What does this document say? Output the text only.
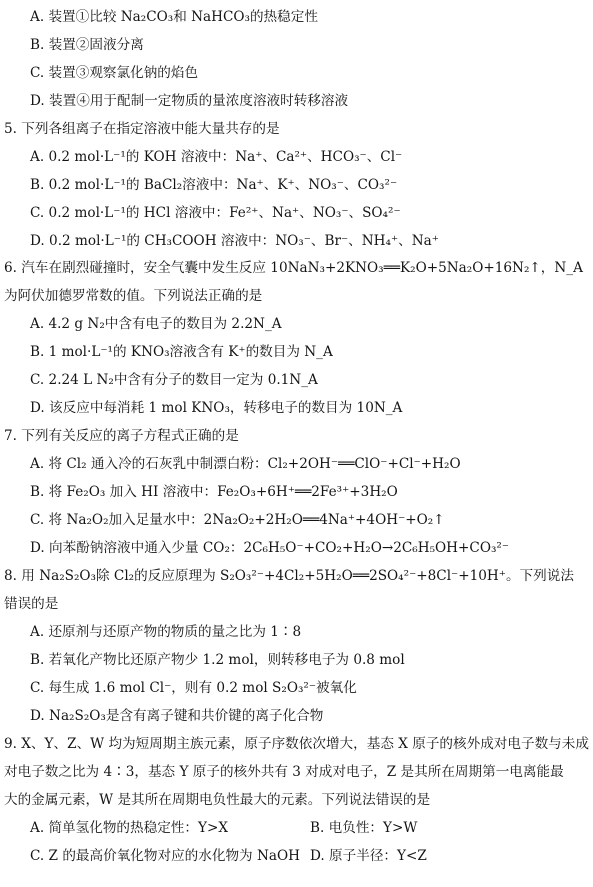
A. 装置①比较 Na₂CO₃和 NaHCO₃的热稳定性
B. 装置②固液分离
C. 装置③观察氯化钠的焰色
D. 装置④用于配制一定物质的量浓度溶液时转移溶液
5. 下列各组离子在指定溶液中能大量共存的是
A. 0.2 mol·L⁻¹的 KOH 溶液中：Na⁺、Ca²⁺、HCO₃⁻、Cl⁻
B. 0.2 mol·L⁻¹的 BaCl₂溶液中：Na⁺、K⁺、NO₃⁻、CO₃²⁻
C. 0.2 mol·L⁻¹的 HCl 溶液中：Fe²⁺、Na⁺、NO₃⁻、SO₄²⁻
D. 0.2 mol·L⁻¹的 CH₃COOH 溶液中：NO₃⁻、Br⁻、NH₄⁺、Na⁺
6. 汽车在剧烈碰撞时，安全气囊中发生反应 10NaN₃+2KNO₃══K₂O+5Na₂O+16N₂↑，N_A
为阿伏加德罗常数的值。下列说法正确的是
A. 4.2 g N₂中含有电子的数目为 2.2N_A
B. 1 mol·L⁻¹的 KNO₃溶液含有 K⁺的数目为 N_A
C. 2.24 L N₂中含有分子的数目一定为 0.1N_A
D. 该反应中每消耗 1 mol KNO₃，转移电子的数目为 10N_A
7. 下列有关反应的离子方程式正确的是
A. 将 Cl₂ 通入冷的石灰乳中制漂白粉：Cl₂+2OH⁻══ClO⁻+Cl⁻+H₂O
B. 将 Fe₂O₃ 加入 HI 溶液中：Fe₂O₃+6H⁺══2Fe³⁺+3H₂O
C. 将 Na₂O₂加入足量水中：2Na₂O₂+2H₂O══4Na⁺+4OH⁻+O₂↑
D. 向苯酚钠溶液中通入少量 CO₂：2C₆H₅O⁻+CO₂+H₂O→2C₆H₅OH+CO₃²⁻
8. 用 Na₂S₂O₃除 Cl₂的反应原理为 S₂O₃²⁻+4Cl₂+5H₂O══2SO₄²⁻+8Cl⁻+10H⁺。下列说法
错误的是
A. 还原剂与还原产物的物质的量之比为 1∶8
B. 若氧化产物比还原产物少 1.2 mol，则转移电子为 0.8 mol
C. 每生成 1.6 mol Cl⁻，则有 0.2 mol S₂O₃²⁻被氧化
D. Na₂S₂O₃是含有离子键和共价键的离子化合物
9. X、Y、Z、W 均为短周期主族元素，原子序数依次增大，基态 X 原子的核外成对电子数与未成
对电子数之比为 4∶3，基态 Y 原子的核外共有 3 对成对电子，Z 是其所在周期第一电离能最
大的金属元素，W 是其所在周期电负性最大的元素。下列说法错误的是
A. 简单氢化物的热稳定性：Y>X	B. 电负性：Y>W
C. Z 的最高价氧化物对应的水化物为 NaOH D. 原子半径：Y<Z
